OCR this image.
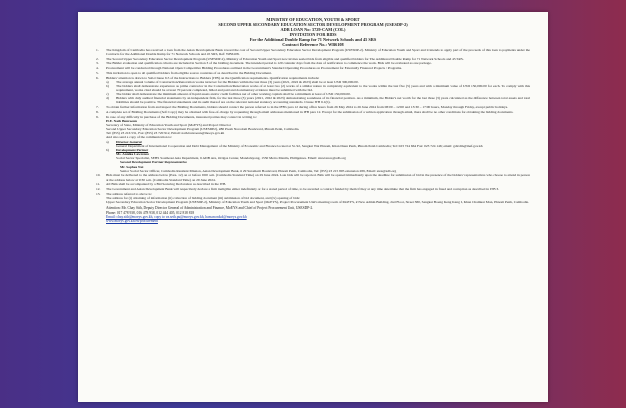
MINISTRY OF EDUCATION, YOUTH & SPORT
SECOND UPPER SECONDARY EDUCATION SECTOR DEVELOPMENT PROGRAM (USESDP-2)
ADB LOAN No: 3729-CAM (COL)
INVITATION FOR BIDS
For the Additional Double Ramp for 71 Network Schools and 45 SRS
Contract Reference No.: WB6108
1.	The Kingdom of Cambodia has received a loan from the Asian Development Bank toward the cost of Second Upper Secondary Education Sector Development Program (USESDP-2). Ministry of Education Youth and Sport and it intends to apply part of the proceeds of this loan to payments under the Contracts for the Additional Double Ramp for 71 Network Schools and 45 SRS, Ref: WB6108.
2.	The Second Upper Secondary Education Sector Development Program (USESDP-2), Ministry of Education Youth and Sport now invites sealed bids from eligible and qualified bidders for The Additional Double Ramp for 71 Network Schools and 45 SRS.
3.	The Bidder evaluation and qualification criteria are included in Section 3 of the bidding document. The intended period is 120 calendar days from the date of notification to commence the work. Bids will be evaluated as one package.
4.	Procurement will be conducted through National Open Competitive Bidding Procedures outlined in the Government's Standard Operating Procedures on Procurement for Externally Financed Projects / Programs.
5.	This invitation is open to all qualified bidders from eligible source countries of as described in the Bidding Document.
6.	Bidders' attention is drawn to Sub-Clause 6.5 of the Instructions to Bidders (ITB) on the Qualification requirements. Qualification requirements include:
a)	The average annual volume of Construction/Renovation works turnover for the Bidders within the last three (3) years (2021, 2022 & 2023) shall be at least USD 300,000.00.
b)	The bidders shall demonstrate experience as prime contractor in the Construction/Renovation works of at least two (2) works of a similar nature in complexity equivalent to the works within the last five (5) years and with a minimum value of USD 150,000.00 for each. To comply with this requirement, works cited should be at least 70 percent completed, billed and paid and documentary evidence must be submitted with the bid.
c)	The bidder shall demonstrate the minimum amount of liquid assets and/or credit facilities net of other working capitals shall be a minimum at least of USD 150,000.00.
d)	Bidders with duly audited financial statements by an independent firm, for the last three (3) years (2021, 2022 & 2023) demonstrating soundness of its financial position. As a minimum, the Bidder's net worth for the last three (3) years calculated as the difference between total assets and total liabilities should be positive. The financial statements and its audit thereof are on the relevant national statutory accounting standards. Clause ITB 6.1(b).
7.	To obtain further information from and inspect the Bidding Documents, bidders should contact the person referred to in the IFB's para 12 during office hours from 26 May 2024 to 26 June 2024 from 08:00 – 12:00 and 13:30 – 17:00 hours, Monday through Friday, except public holidays.
8.	A complete set of Bidding Documents (Soft Copy) may be obtained with free-of-charge by requesting through email addresses mentioned in IFB para 12. Except for the submission of a written application through email, there shall be no other conditions for obtaining the bidding documents.
9.	In case of any difficulty in purchase of the Bidding Documents, interested parties may contact in writing to:
H.E. Nath Bunroeun
Secretary of State, Ministry of Education Youth and Sport (MoEYS) and Project Director
Second Upper Secondary Education Sector Development Program (USESDP2), #80 Preah Norodom Boulevard, Phnom Penh, Cambodia.
Tel: (855) 23 216 531, Fax: (855) 23 720 912, Email: nath.bunroeun@moeys.gov.kh
And also send a copy of the communication to:
a)	Director-General
General Department of International Cooperation and Debt Management of the Ministry of Economic and Finance located at St. 92, Sangkat Wat Phnom, Khan Daun Penh, Phnom Penh Cambodia; Tel: 023 724 664 Fax: 023 724 146; email: gdicdm@mef.gov.kh
b)	Development Partner
Ms. Annika Lawrence
Social Sector Specialist, SEHS Southeast Asia Department, 6 ADB Ave, Ortigas Center, Mandaluyong, 1550 Metro Manila, Philippines. Email: alawrence@adb.org
Second Development Partner Representative
Mr. Sophea Noi
Senior Social Sector Officer, Cambodia Resident Mission, Asian Development Bank, # 29 Suramarit Boulevard, Phnom Penh, Cambodia, Tel: (855) 23 215 805 extension 289, Email: snoi@adb.org
10.	Bids must be delivered to the address below (Para. 12) on or before 9:00 a.m. (Cambodia Standard Time) on 29 June 2024. Late bids will be rejected. Bids will be opened immediately upon the deadline for submission of bid in the presence of the bidders' representatives who choose to attend in person at the address below at 9:30 a.m. (Cambodia Standard Time) on 29 June 2024.
11.	All Bids shall be accompanied by a Bid Securing Declaration as described in the ITB.
12.	The Government and Asian Development Bank will respectively declare a firm ineligible either indefinitely or for a stated period of time, to be awarded a contract funded by them if they at any time determine that the firm has engaged in fraud and corruption as described in ITB 3.
13.	The address referred to above is:
The address for (i) obtaining of information (ii) collection of bidding document (iii) submission of bid document, and (iv) opening of bids:
Upper Secondary Education Sector Development Program (USESDP-2), Ministry of Education Youth and Sport (MoEYS), Project Procurement Unit's meeting room of MoEYS, # New Admin Building, 2nd Floor, Street 380, Sangkat Boeng Keng Kang I, Khan Chamkar Mon, Phnom Penh, Cambodia.
Attention: Mr. Chay Sith, Deputy Director General of Administration and Finance, MoEYS and Chief of Project Procurement Unit, USESDP-2.
Phone: 017 478 938, 016 478 938, 012 444 405, 012 818 818
Email: chay.sith@moeys.gov.kh, copy to va.seth.pu@moeys.gov.kh, ham.monkol@moeys.gov.kh
www.moeys.gov.kh/en/procurement
